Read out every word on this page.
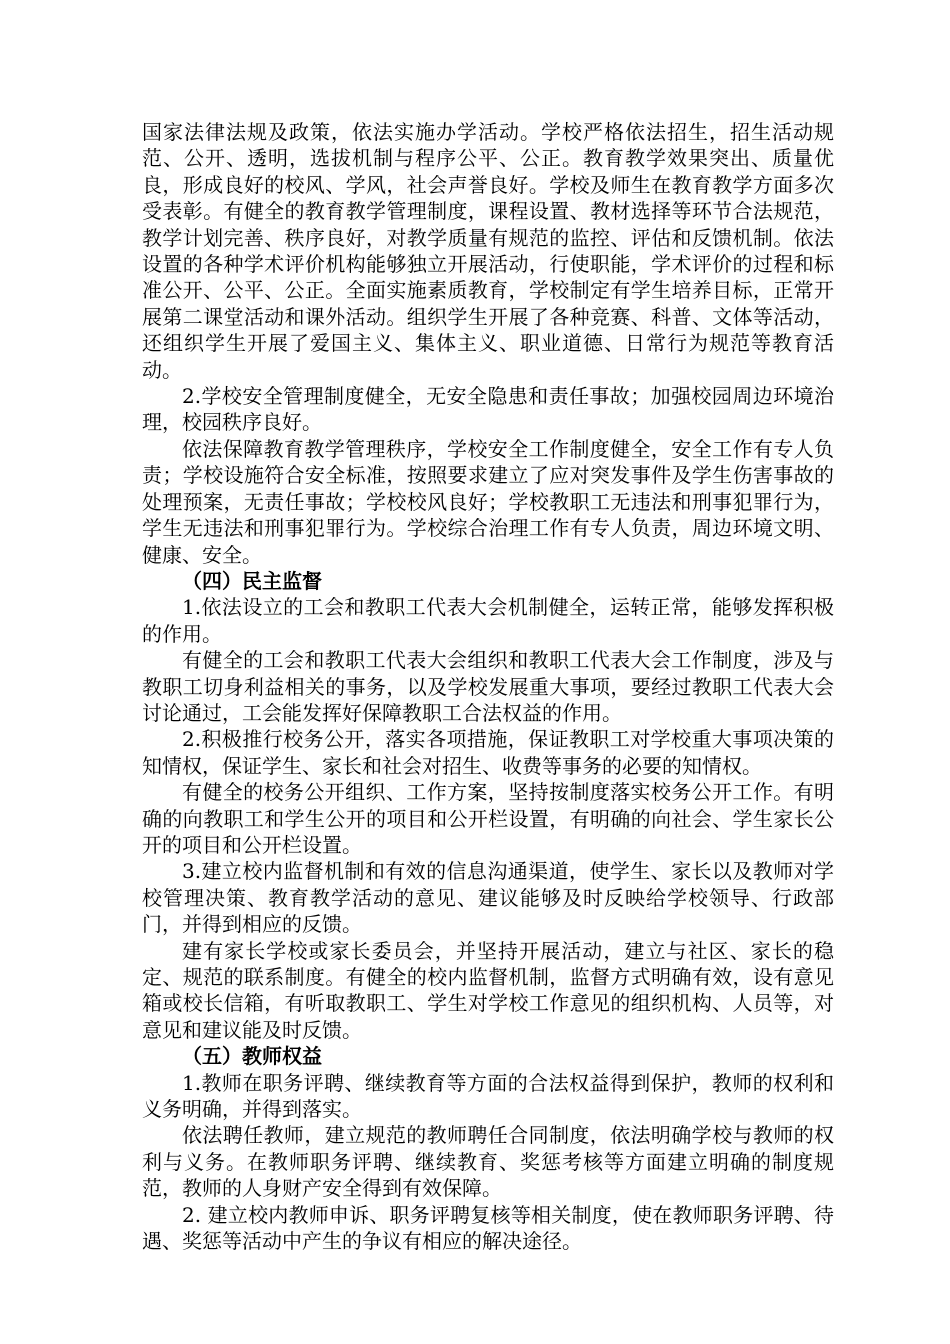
国家法律法规及政策，依法实施办学活动。学校严格依法招生，招生活动规范、公开、透明，选拔机制与程序公平、公正。教育教学效果突出、质量优良，形成良好的校风、学风，社会声誉良好。学校及师生在教育教学方面多次受表彰。有健全的教育教学管理制度，课程设置、教材选择等环节合法规范，教学计划完善、秩序良好，对教学质量有规范的监控、评估和反馈机制。依法设置的各种学术评价机构能够独立开展活动，行使职能，学术评价的过程和标准公开、公平、公正。全面实施素质教育，学校制定有学生培养目标，正常开展第二课堂活动和课外活动。组织学生开展了各种竞赛、科普、文体等活动，还组织学生开展了爱国主义、集体主义、职业道德、日常行为规范等教育活动。

2.学校安全管理制度健全，无安全隐患和责任事故；加强校园周边环境治理，校园秩序良好。

依法保障教育教学管理秩序，学校安全工作制度健全，安全工作有专人负责；学校设施符合安全标准，按照要求建立了应对突发事件及学生伤害事故的处理预案，无责任事故；学校校风良好；学校教职工无违法和刑事犯罪行为，学生无违法和刑事犯罪行为。学校综合治理工作有专人负责，周边环境文明、健康、安全。

（四）民主监督

1.依法设立的工会和教职工代表大会机制健全，运转正常，能够发挥积极的作用。

有健全的工会和教职工代表大会组织和教职工代表大会工作制度，涉及与教职工切身利益相关的事务，以及学校发展重大事项，要经过教职工代表大会讨论通过，工会能发挥好保障教职工合法权益的作用。

2.积极推行校务公开，落实各项措施，保证教职工对学校重大事项决策的知情权，保证学生、家长和社会对招生、收费等事务的必要的知情权。

有健全的校务公开组织、工作方案，坚持按制度落实校务公开工作。有明确的向教职工和学生公开的项目和公开栏设置，有明确的向社会、学生家长公开的项目和公开栏设置。

3.建立校内监督机制和有效的信息沟通渠道，使学生、家长以及教师对学校管理决策、教育教学活动的意见、建议能够及时反映给学校领导、行政部门，并得到相应的反馈。

建有家长学校或家长委员会，并坚持开展活动，建立与社区、家长的稳定、规范的联系制度。有健全的校内监督机制，监督方式明确有效，设有意见箱或校长信箱，有听取教职工、学生对学校工作意见的组织机构、人员等，对意见和建议能及时反馈。

（五）教师权益

1.教师在职务评聘、继续教育等方面的合法权益得到保护，教师的权利和义务明确，并得到落实。

依法聘任教师，建立规范的教师聘任合同制度，依法明确学校与教师的权利与义务。在教师职务评聘、继续教育、奖惩考核等方面建立明确的制度规范，教师的人身财产安全得到有效保障。

2. 建立校内教师申诉、职务评聘复核等相关制度，使在教师职务评聘、待遇、奖惩等活动中产生的争议有相应的解决途径。
